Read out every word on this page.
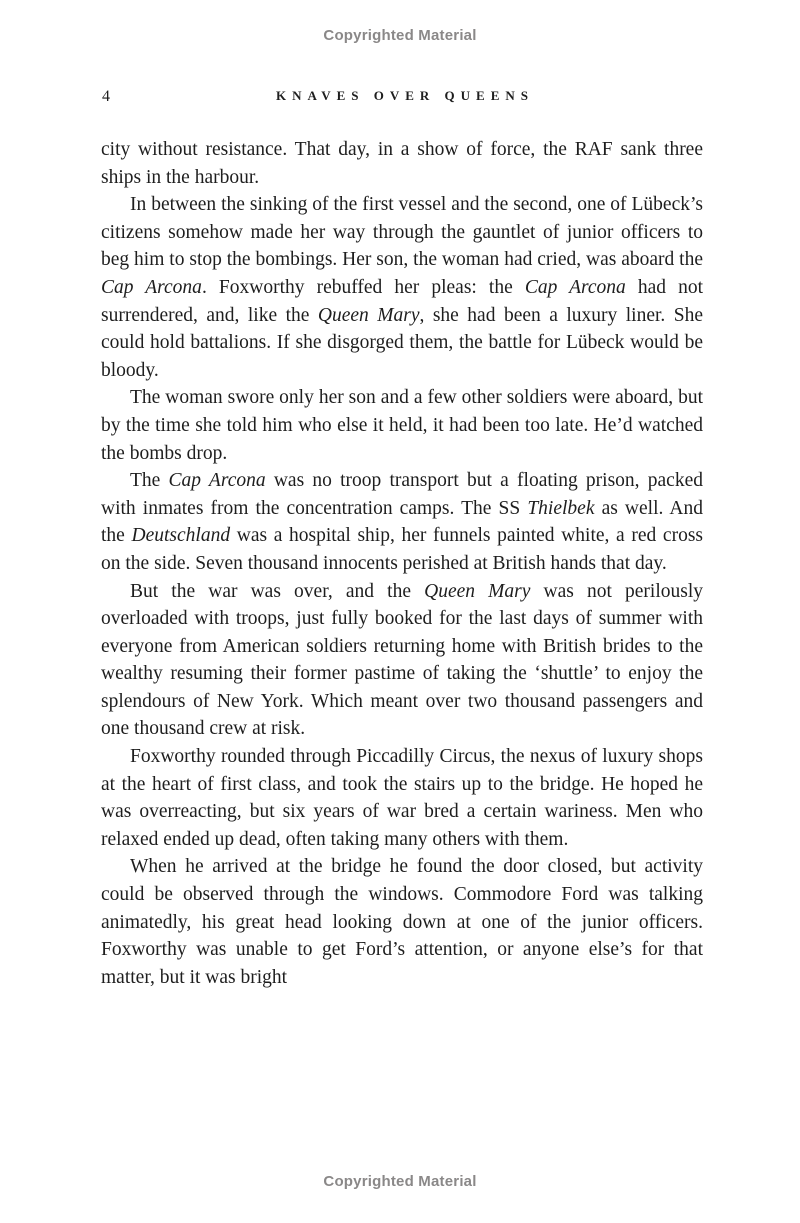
Copyrighted Material
4	KNAVES OVER QUEENS

city without resistance. That day, in a show of force, the RAF sank three ships in the harbour.

In between the sinking of the first vessel and the second, one of Lübeck’s citizens somehow made her way through the gauntlet of junior officers to beg him to stop the bombings. Her son, the woman had cried, was aboard the Cap Arcona. Foxworthy rebuffed her pleas: the Cap Arcona had not surrendered, and, like the Queen Mary, she had been a luxury liner. She could hold battalions. If she disgorged them, the battle for Lübeck would be bloody.

The woman swore only her son and a few other soldiers were aboard, but by the time she told him who else it held, it had been too late. He’d watched the bombs drop.

The Cap Arcona was no troop transport but a floating prison, packed with inmates from the concentration camps. The SS Thielbek as well. And the Deutschland was a hospital ship, her funnels painted white, a red cross on the side. Seven thousand innocents perished at British hands that day.

But the war was over, and the Queen Mary was not perilously overloaded with troops, just fully booked for the last days of summer with everyone from American soldiers returning home with British brides to the wealthy resuming their former pastime of taking the ‘shuttle’ to enjoy the splendours of New York. Which meant over two thousand passengers and one thousand crew at risk.

Foxworthy rounded through Piccadilly Circus, the nexus of luxury shops at the heart of first class, and took the stairs up to the bridge. He hoped he was overreacting, but six years of war bred a certain wariness. Men who relaxed ended up dead, often taking many others with them.

When he arrived at the bridge he found the door closed, but activity could be observed through the windows. Commodore Ford was talking animatedly, his great head looking down at one of the junior officers. Foxworthy was unable to get Ford’s attention, or anyone else’s for that matter, but it was bright

Copyrighted Material
